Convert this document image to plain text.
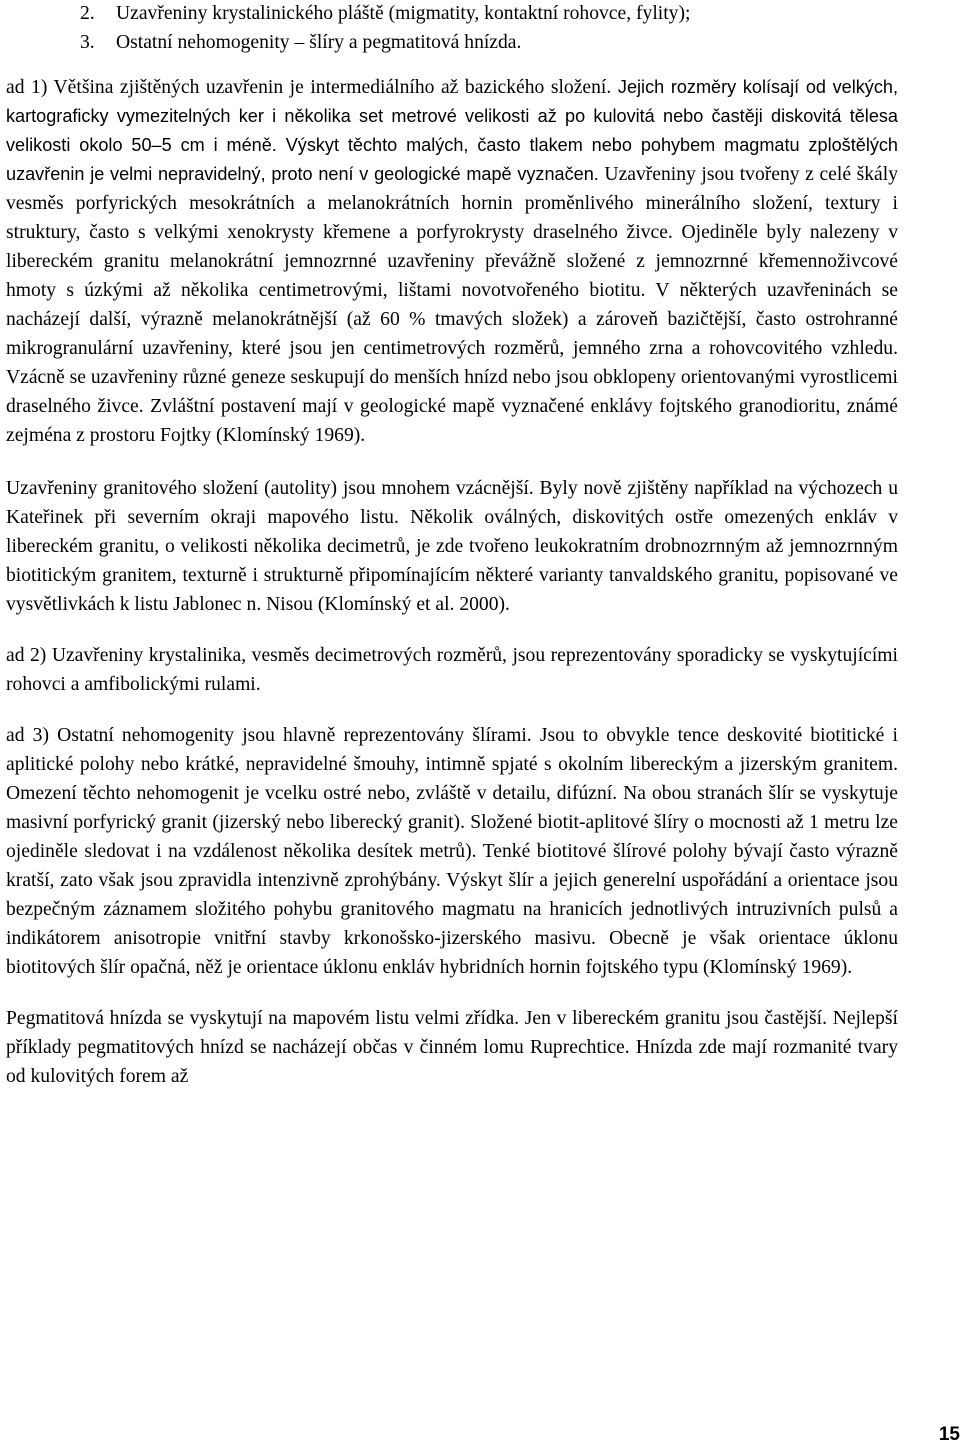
2. Uzavřeniny krystalinického pláště (migmatity, kontaktní rohovce, fylity);
3. Ostatní nehomogenity – šlíry a pegmatitová hnízda.

ad 1) Většina zjištěných uzavřenin je intermediálního až bazického složení. Jejich rozměry kolísají od velkých, kartograficky vymezitelných ker i několika set metrové velikosti až po kulovitá nebo častěji diskovitá tělesa velikosti okolo 50–5 cm i méně. Výskyt těchto malých, často tlakem nebo pohybem magmatu zploštělých uzavřenin je velmi nepravidelný, proto není v geologické mapě vyznačen. Uzavřeniny jsou tvořeny z celé škály vesměs porfyrických mesokrátních a melanokrátních hornin proměnlivého minerálního složení, textury i struktury, často s velkými xenokrysty křemene a porfyrokrysty draselného živce. Ojediněle byly nalezeny v libereckém granitu melanokrátní jemnozrnné uzavřeniny převážně složené z jemnozrnné křemennoživcové hmoty s úzkými až několika centimetrovými, lištami novotvořeného biotitu. V některých uzavřeninách se nacházejí další, výrazně melanokrátnější (až 60 % tmavých složek) a zároveň bazičtější, často ostrohranné mikrogranulární uzavřeniny, které jsou jen centimetrových rozměrů, jemného zrna a rohovcovitého vzhledu. Vzácně se uzavřeniny různé geneze seskupují do menších hnízd nebo jsou obklopeny orientovanými vyrostlicemi draselného živce. Zvláštní postavení mají v geologické mapě vyznačené enklávy fojtského granodioritu, známé zejména z prostoru Fojtky (Klomínský 1969).

Uzavřeniny granitového složení (autolity) jsou mnohem vzácnější. Byly nově zjištěny například na výchozech u Kateřinek při severním okraji mapového listu. Několik oválných, diskovitých ostře omezených enkláv v libereckém granitu, o velikosti několika decimetrů, je zde tvořeno leukokratním drobnozrnným až jemnozrnným biotitickým granitem, texturně i strukturně připomínajícím některé varianty tanvaldského granitu, popisované ve vysvětlivkách k listu Jablonec n. Nisou (Klomínský et al. 2000).

ad 2) Uzavřeniny krystalinika, vesměs decimetrových rozměrů, jsou reprezentovány sporadicky se vyskytujícími rohovci a amfibolickými rulami.

ad 3) Ostatní nehomogenity jsou hlavně reprezentovány šlírami. Jsou to obvykle tence deskovité biotitické i aplitické polohy nebo krátké, nepravidelné šmouhy, intimně spjaté s okolním libereckým a jizerským granitem. Omezení těchto nehomogenit je vcelku ostré nebo, zvláště v detailu, difúzní. Na obou stranách šlír se vyskytuje masivní porfyrický granit (jizerský nebo liberecký granit). Složené biotit-aplitové šlíry o mocnosti až 1 metru lze ojediněle sledovat i na vzdálenost několika desítek metrů). Tenké biotitové šlírové polohy bývají často výrazně kratší, zato však jsou zpravidla intenzivně zprohýbány. Výskyt šlír a jejich generelní uspořádání a orientace jsou bezpečným záznamem složitého pohybu granitového magmatu na hranicích jednotlivých intruzivních pulsů a indikátorem anisotropie vnitřní stavby krkonošsko-jizerského masivu. Obecně je však orientace úklonu biotitových šlír opačná, něž je orientace úklonu enkláv hybridních hornin fojtského typu (Klomínský 1969).

Pegmatitová hnízda se vyskytují na mapovém listu velmi zřídka. Jen v libereckém granitu jsou častější. Nejlepší příklady pegmatitových hnízd se nacházejí občas v činném lomu Ruprechtice. Hnízda zde mají rozmanité tvary od kulovitých forem až

15
